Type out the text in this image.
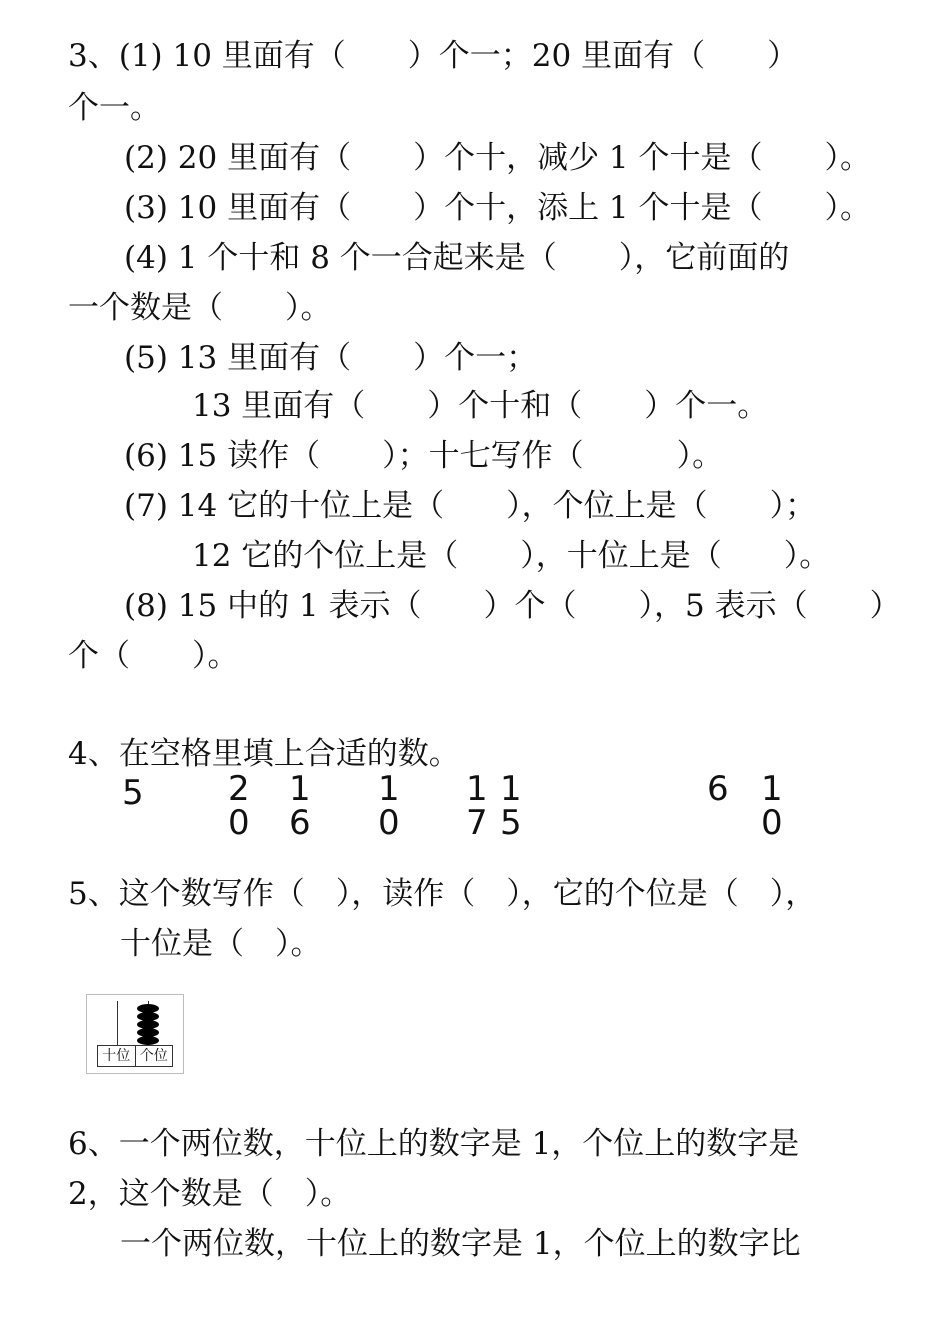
3、(1) 10 里面有（　　）个一；20 里面有（　　）
个一。
(2) 20 里面有（　　）个十，减少 1 个十是（　　）。
(3) 10 里面有（　　）个十，添上 1 个十是（　　）。
(4) 1 个十和 8 个一合起来是（　　），它前面的
一个数是（　　）。
(5) 13 里面有（　　）个一；
13 里面有（　　）个十和（　　）个一。
(6) 15 读作（　　）；十七写作（　　　）。
(7) 14 它的十位上是（　　），个位上是（　　）；
12 它的个位上是（　　），十位上是（　　）。
(8) 15 中的 1 表示（　　）个（　　），5 表示（　　）
个（　　）。
4、在空格里填上合适的数。
5 2
0
1
6
1
0
1
7
1
5
6 1
0
5、这个数写作（　），读作（　），它的个位是（　），
十位是（　）。
十位 个位
6、一个两位数，十位上的数字是 1，个位上的数字是
2，这个数是（　）。
一个两位数，十位上的数字是 1，个位上的数字比
